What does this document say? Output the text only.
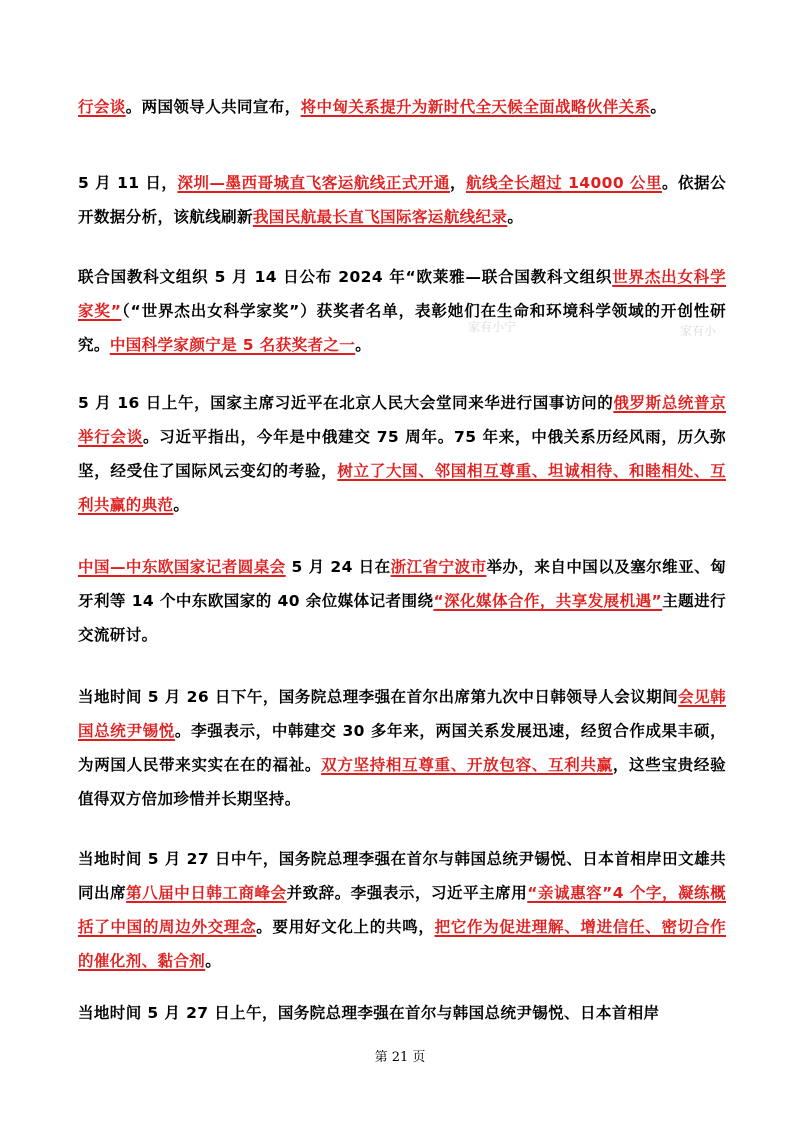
行会谈。两国领导人共同宣布，将中匈关系提升为新时代全天候全面战略伙伴关系。

5 月 11 日，深圳—墨西哥城直飞客运航线正式开通，航线全长超过 14000 公里。依据公开数据分析，该航线刷新我国民航最长直飞国际客运航线纪录。

联合国教科文组织 5 月 14 日公布 2024 年“欧莱雅—联合国教科文组织世界杰出女科学家奖”（“世界杰出女科学家奖”）获奖者名单，表彰她们在生命和环境科学领域的开创性研究。中国科学家颜宁是 5 名获奖者之一。

5 月 16 日上午，国家主席习近平在北京人民大会堂同来华进行国事访问的俄罗斯总统普京举行会谈。习近平指出，今年是中俄建交 75 周年。75 年来，中俄关系历经风雨，历久弥坚，经受住了国际风云变幻的考验，树立了大国、邻国相互尊重、坦诚相待、和睦相处、互利共赢的典范。

中国—中东欧国家记者圆桌会 5 月 24 日在浙江省宁波市举办，来自中国以及塞尔维亚、匈牙利等 14 个中东欧国家的 40 余位媒体记者围绕“深化媒体合作，共享发展机遇”主题进行交流研讨。

当地时间 5 月 26 日下午，国务院总理李强在首尔出席第九次中日韩领导人会议期间会见韩国总统尹锡悦。李强表示，中韩建交 30 多年来，两国关系发展迅速，经贸合作成果丰硕，为两国人民带来实实在在的福祉。双方坚持相互尊重、开放包容、互利共赢，这些宝贵经验值得双方倍加珍惜并长期坚持。

当地时间 5 月 27 日中午，国务院总理李强在首尔与韩国总统尹锡悦、日本首相岸田文雄共同出席第八届中日韩工商峰会并致辞。李强表示，习近平主席用“亲诚惠容”4 个字，凝练概括了中国的周边外交理念。要用好文化上的共鸣，把它作为促进理解、增进信任、密切合作的催化剂、黏合剂。

当地时间 5 月 27 日上午，国务院总理李强在首尔与韩国总统尹锡悦、日本首相岸

家有小宁	家有小
第 21 页
